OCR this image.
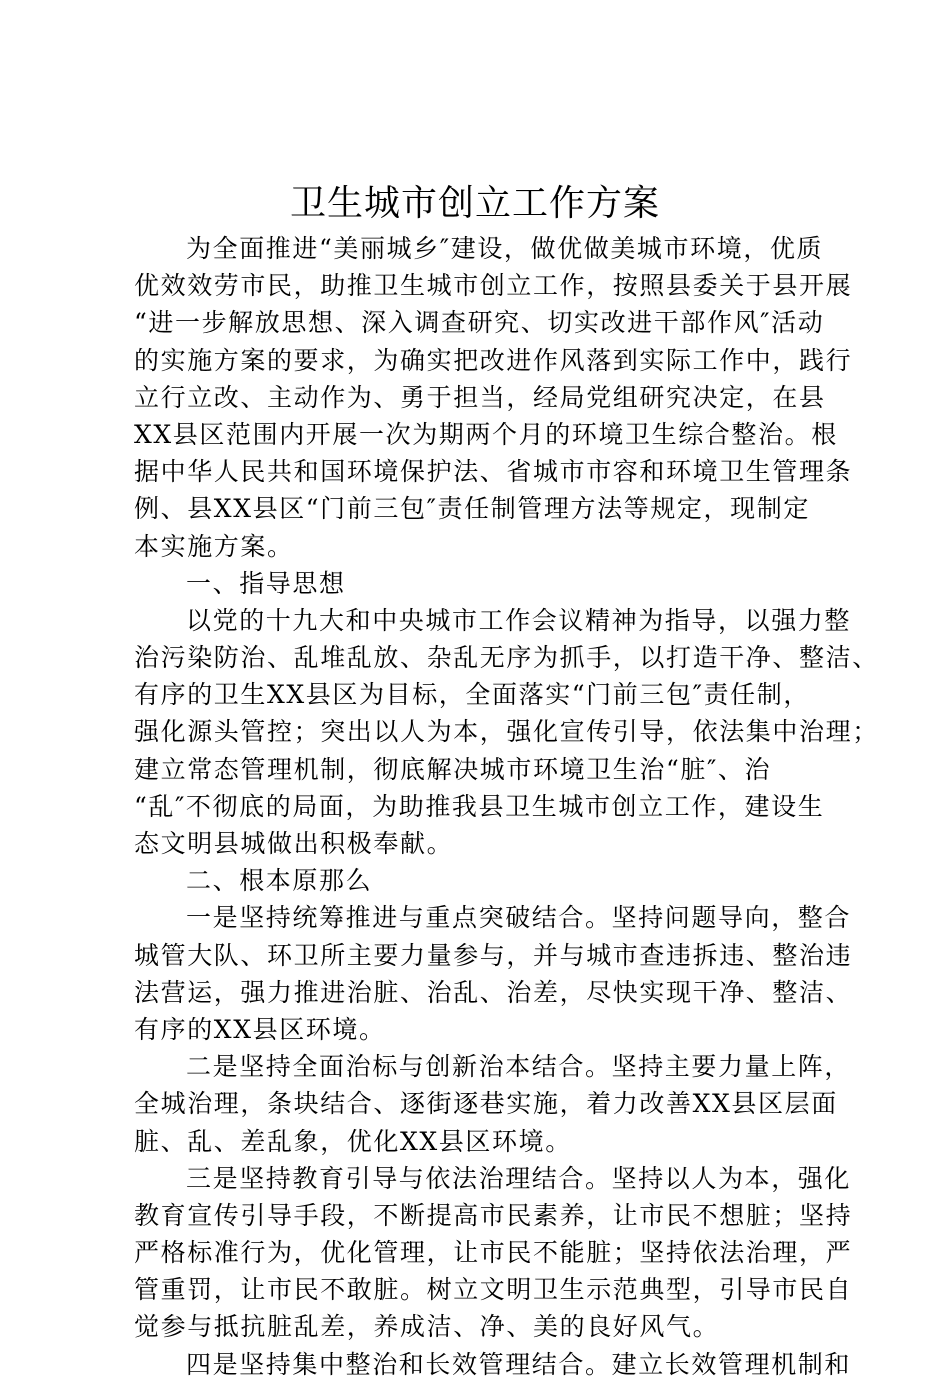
卫生城市创立工作方案
为全面推进“美丽城乡″建设，做优做美城市环境，优质
优效效劳市民，助推卫生城市创立工作，按照县委关于县开展
“进一步解放思想、深入调查研究、切实改进干部作风″活动
的实施方案的要求，为确实把改进作风落到实际工作中，践行
立行立改、主动作为、勇于担当，经局党组研究决定，在县
XX县区范围内开展一次为期两个月的环境卫生综合整治。根
据中华人民共和国环境保护法、省城市市容和环境卫生管理条
例、县XX县区“门前三包″责任制管理方法等规定，现制定
本实施方案。
一、指导思想
以党的十九大和中央城市工作会议精神为指导，以强力整
治污染防治、乱堆乱放、杂乱无序为抓手，以打造干净、整洁、
有序的卫生XX县区为目标，全面落实“门前三包″责任制，
强化源头管控；突出以人为本，强化宣传引导，依法集中治理；
建立常态管理机制，彻底解决城市环境卫生治“脏″、治
“乱″不彻底的局面，为助推我县卫生城市创立工作，建设生
态文明县城做出积极奉献。
二、根本原那么
一是坚持统筹推进与重点突破结合。坚持问题导向，整合
城管大队、环卫所主要力量参与，并与城市查违拆违、整治违
法营运，强力推进治脏、治乱、治差，尽快实现干净、整洁、
有序的XX县区环境。
二是坚持全面治标与创新治本结合。坚持主要力量上阵，
全城治理，条块结合、逐街逐巷实施，着力改善XX县区层面
脏、乱、差乱象，优化XX县区环境。
三是坚持教育引导与依法治理结合。坚持以人为本，强化
教育宣传引导手段，不断提高市民素养，让市民不想脏；坚持
严格标准行为，优化管理，让市民不能脏；坚持依法治理，严
管重罚，让市民不敢脏。树立文明卫生示范典型，引导市民自
觉参与抵抗脏乱差，养成洁、净、美的良好风气。
四是坚持集中整治和长效管理结合。建立长效管理机制和
